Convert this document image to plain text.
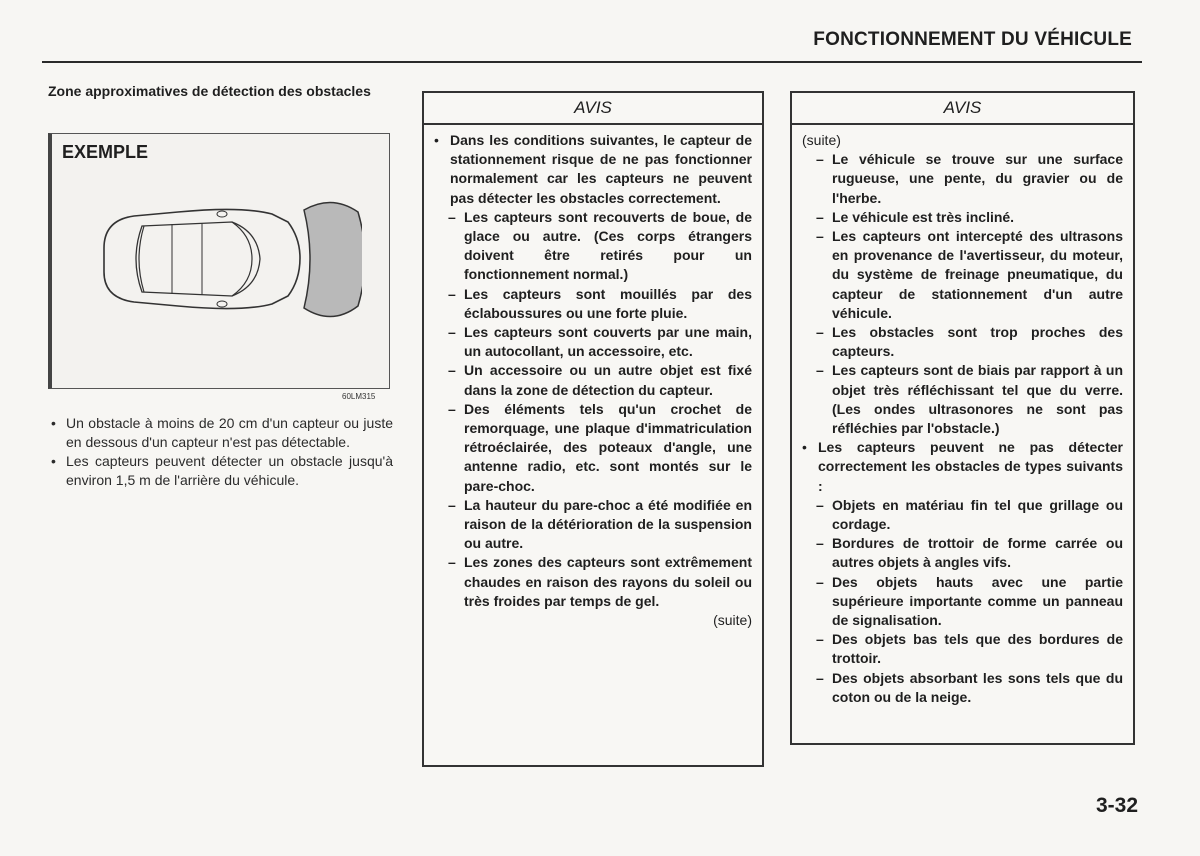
FONCTIONNEMENT DU VÉHICULE
Zone approximatives de détection des obstacles
EXEMPLE
60LM315
• Un obstacle à moins de 20 cm d'un capteur ou juste en dessous d'un capteur n'est pas détectable.
• Les capteurs peuvent détecter un obstacle jusqu'à environ 1,5 m de l'arrière du véhicule.
AVIS
• Dans les conditions suivantes, le capteur de stationnement risque de ne pas fonctionner normalement car les capteurs ne peuvent pas détecter les obstacles correctement.
– Les capteurs sont recouverts de boue, de glace ou autre. (Ces corps étrangers doivent être retirés pour un fonctionnement normal.)
– Les capteurs sont mouillés par des éclaboussures ou une forte pluie.
– Les capteurs sont couverts par une main, un autocollant, un accessoire, etc.
– Un accessoire ou un autre objet est fixé dans la zone de détection du capteur.
– Des éléments tels qu'un crochet de remorquage, une plaque d'immatriculation rétroéclairée, des poteaux d'angle, une antenne radio, etc. sont montés sur le pare-choc.
– La hauteur du pare-choc a été modifiée en raison de la détérioration de la suspension ou autre.
– Les zones des capteurs sont extrêmement chaudes en raison des rayons du soleil ou très froides par temps de gel.
(suite)
AVIS
(suite)
– Le véhicule se trouve sur une surface rugueuse, une pente, du gravier ou de l'herbe.
– Le véhicule est très incliné.
– Les capteurs ont intercepté des ultrasons en provenance de l'avertisseur, du moteur, du système de freinage pneumatique, du capteur de stationnement d'un autre véhicule.
– Les obstacles sont trop proches des capteurs.
– Les capteurs sont de biais par rapport à un objet très réfléchissant tel que du verre. (Les ondes ultrasonores ne sont pas réfléchies par l'obstacle.)
• Les capteurs peuvent ne pas détecter correctement les obstacles de types suivants :
– Objets en matériau fin tel que grillage ou cordage.
– Bordures de trottoir de forme carrée ou autres objets à angles vifs.
– Des objets hauts avec une partie supérieure importante comme un panneau de signalisation.
– Des objets bas tels que des bordures de trottoir.
– Des objets absorbant les sons tels que du coton ou de la neige.
3-32
